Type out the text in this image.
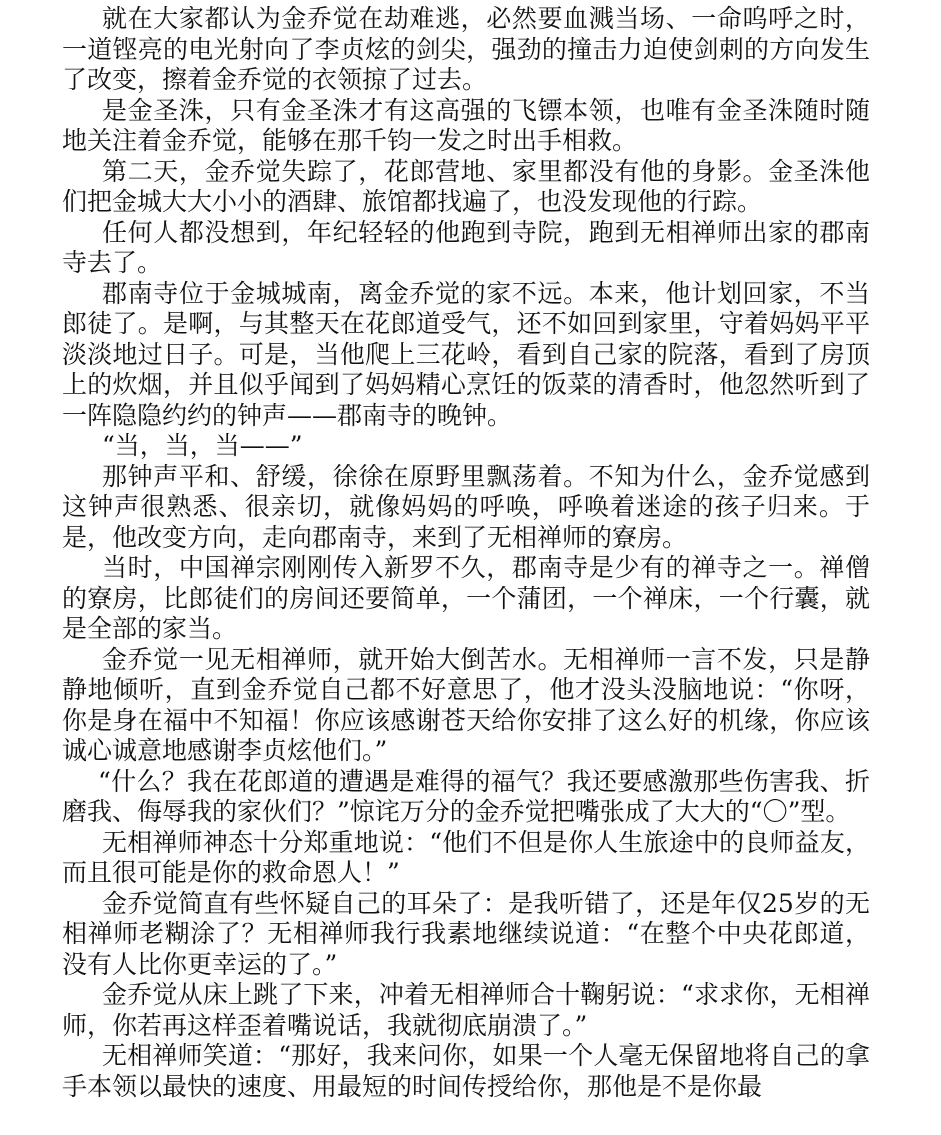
就在大家都认为金乔觉在劫难逃，必然要血溅当场、一命呜呼之时，一道铿亮的电光射向了李贞炫的剑尖，强劲的撞击力迫使剑刺的方向发生了改变，擦着金乔觉的衣领掠了过去。

是金圣洙，只有金圣洙才有这高强的飞镖本领，也唯有金圣洙随时随地关注着金乔觉，能够在那千钧一发之时出手相救。

第二天，金乔觉失踪了，花郎营地、家里都没有他的身影。金圣洙他们把金城大大小小的酒肆、旅馆都找遍了，也没发现他的行踪。

任何人都没想到，年纪轻轻的他跑到寺院，跑到无相禅师出家的郡南寺去了。

郡南寺位于金城城南，离金乔觉的家不远。本来，他计划回家，不当郎徒了。是啊，与其整天在花郎道受气，还不如回到家里，守着妈妈平平淡淡地过日子。可是，当他爬上三花岭，看到自己家的院落，看到了房顶上的炊烟，并且似乎闻到了妈妈精心烹饪的饭菜的清香时，他忽然听到了一阵隐隐约约的钟声——郡南寺的晚钟。

“当，当，当——”

那钟声平和、舒缓，徐徐在原野里飘荡着。不知为什么，金乔觉感到这钟声很熟悉、很亲切，就像妈妈的呼唤，呼唤着迷途的孩子归来。于是，他改变方向，走向郡南寺，来到了无相禅师的寮房。

当时，中国禅宗刚刚传入新罗不久，郡南寺是少有的禅寺之一。禅僧的寮房，比郎徒们的房间还要简单，一个蒲团，一个禅床，一个行囊，就是全部的家当。

金乔觉一见无相禅师，就开始大倒苦水。无相禅师一言不发，只是静静地倾听，直到金乔觉自己都不好意思了，他才没头没脑地说：“你呀，你是身在福中不知福！你应该感谢苍天给你安排了这么好的机缘，你应该诚心诚意地感谢李贞炫他们。”

“什么？我在花郎道的遭遇是难得的福气？我还要感激那些伤害我、折磨我、侮辱我的家伙们？”惊诧万分的金乔觉把嘴张成了大大的“〇”型。

无相禅师神态十分郑重地说：“他们不但是你人生旅途中的良师益友，而且很可能是你的救命恩人！”

金乔觉简直有些怀疑自己的耳朵了：是我听错了，还是年仅25岁的无相禅师老糊涂了？无相禅师我行我素地继续说道：“在整个中央花郎道，没有人比你更幸运的了。”

金乔觉从床上跳了下来，冲着无相禅师合十鞠躬说：“求求你，无相禅师，你若再这样歪着嘴说话，我就彻底崩溃了。”

无相禅师笑道：“那好，我来问你，如果一个人毫无保留地将自己的拿手本领以最快的速度、用最短的时间传授给你，那他是不是你最
